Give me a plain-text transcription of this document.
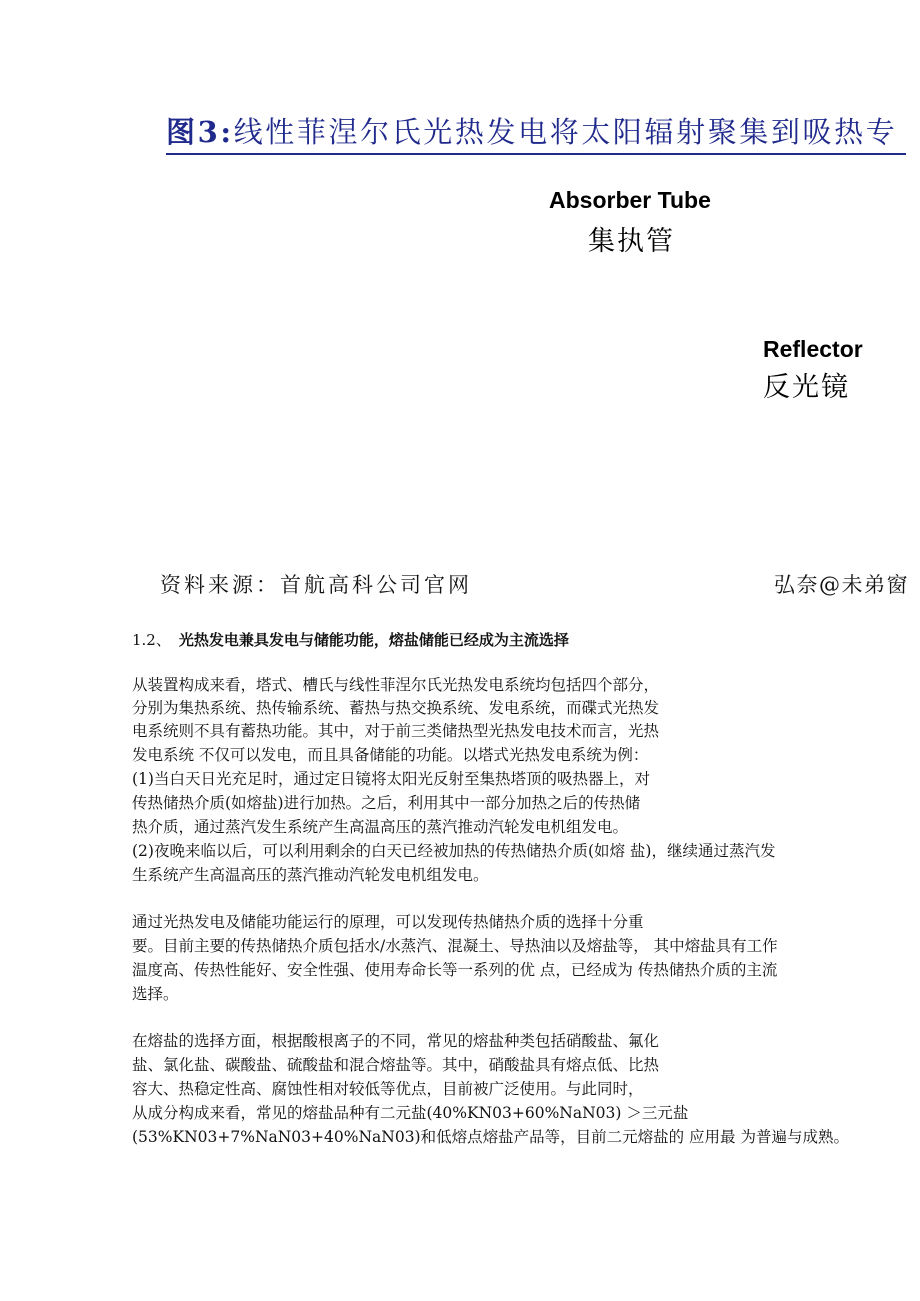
图3:线性菲涅尔氏光热发电将太阳辐射聚集到吸热专
Absorber Tube
集执管
Reflector
反光镜
资料来源：首航高科公司官网	弘奈@未弟窗
1.2、 光热发电兼具发电与储能功能，熔盐储能已经成为主流选择
从装置构成来看，塔式、槽氏与线性菲涅尔氏光热发电系统均包括四个部分，
分别为集热系统、热传输系统、蓄热与热交换系统、发电系统，而碟式光热发
电系统则不具有蓄热功能。其中，对于前三类储热型光热发电技术而言，光热
发电系统 不仅可以发电，而且具备储能的功能。以塔式光热发电系统为例：
(1)当白天日光充足时，通过定日镜将太阳光反射至集热塔顶的吸热器上，对
传热储热介质(如熔盐)进行加热。之后，利用其中一部分加热之后的传热储
热介质，通过蒸汽发生系统产生高温高压的蒸汽推动汽轮发电机组发电。
(2)夜晚来临以后，可以利用剩余的白天已经被加热的传热储热介质(如熔 盐)，继续通过蒸汽发
生系统产生高温高压的蒸汽推动汽轮发电机组发电。
通过光热发电及储能功能运行的原理，可以发现传热储热介质的选择十分重
要。目前主要的传热储热介质包括水/水蒸汽、混凝土、导热油以及熔盐等， 其中熔盐具有工作
温度高、传热性能好、安全性强、使用寿命长等一系列的优 点，已经成为 传热储热介质的主流
选择。
在熔盐的选择方面，根据酸根离子的不同，常见的熔盐种类包括硝酸盐、氟化
盐、氯化盐、碳酸盐、硫酸盐和混合熔盐等。其中，硝酸盐具有熔点低、比热
容大、热稳定性高、腐蚀性相对较低等优点，目前被广泛使用。与此同时，
从成分构成来看，常见的熔盐品种有二元盐(40%KN03+60%NaN03) ＞三元盐
(53%KN03+7%NaN03+40%NaN03)和低熔点熔盐产品等，目前二元熔盐的 应用最 为普遍与成熟。
